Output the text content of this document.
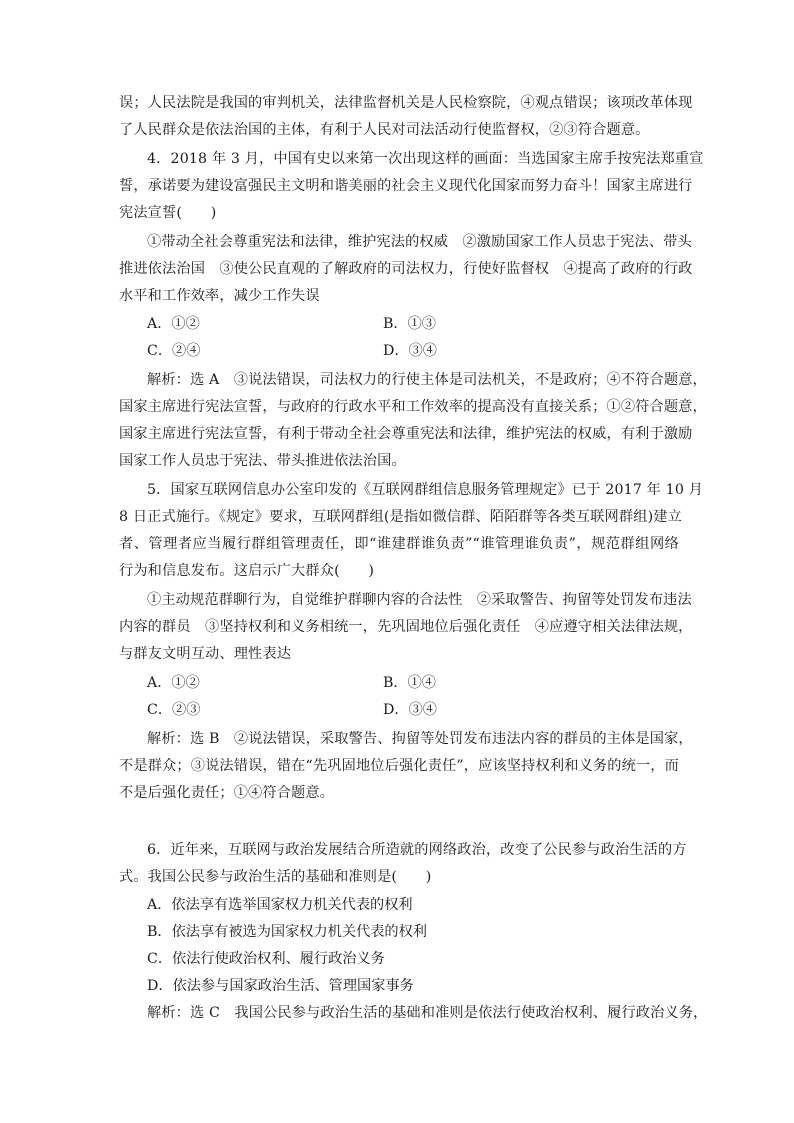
误；人民法院是我国的审判机关，法律监督机关是人民检察院，④观点错误；该项改革体现
了人民群众是依法治国的主体，有利于人民对司法活动行使监督权，②③符合题意。
4．2018 年 3 月，中国有史以来第一次出现这样的画面：当选国家主席手按宪法郑重宣
誓，承诺要为建设富强民主文明和谐美丽的社会主义现代化国家而努力奋斗！国家主席进行
宪法宣誓(　　)
①带动全社会尊重宪法和法律，维护宪法的权威　②激励国家工作人员忠于宪法、带头
推进依法治国　③使公民直观的了解政府的司法权力，行使好监督权　④提高了政府的行政
水平和工作效率，减少工作失误
A．①②	B．①③
C．②④	D．③④
解析：选 A　③说法错误，司法权力的行使主体是司法机关，不是政府；④不符合题意，
国家主席进行宪法宣誓，与政府的行政水平和工作效率的提高没有直接关系；①②符合题意，
国家主席进行宪法宣誓，有利于带动全社会尊重宪法和法律，维护宪法的权威，有利于激励
国家工作人员忠于宪法、带头推进依法治国。
5．国家互联网信息办公室印发的《互联网群组信息服务管理规定》已于 2017 年 10 月
8 日正式施行。《规定》要求，互联网群组(是指如微信群、陌陌群等各类互联网群组)建立
者、管理者应当履行群组管理责任，即“谁建群谁负责”“谁管理谁负责”，规范群组网络
行为和信息发布。这启示广大群众(　　)
①主动规范群聊行为，自觉维护群聊内容的合法性　②采取警告、拘留等处罚发布违法
内容的群员　③坚持权利和义务相统一，先巩固地位后强化责任　④应遵守相关法律法规，
与群友文明互动、理性表达
A．①②	B．①④
C．②③	D．③④
解析：选 B　②说法错误，采取警告、拘留等处罚发布违法内容的群员的主体是国家，
不是群众；③说法错误，错在“先巩固地位后强化责任”，应该坚持权利和义务的统一，而
不是后强化责任；①④符合题意。
6．近年来，互联网与政治发展结合所造就的网络政治，改变了公民参与政治生活的方
式。我国公民参与政治生活的基础和准则是(　　)
A．依法享有选举国家权力机关代表的权利
B．依法享有被选为国家权力机关代表的权利
C．依法行使政治权利、履行政治义务
D．依法参与国家政治生活、管理国家事务
解析：选 C　我国公民参与政治生活的基础和准则是依法行使政治权利、履行政治义务，
